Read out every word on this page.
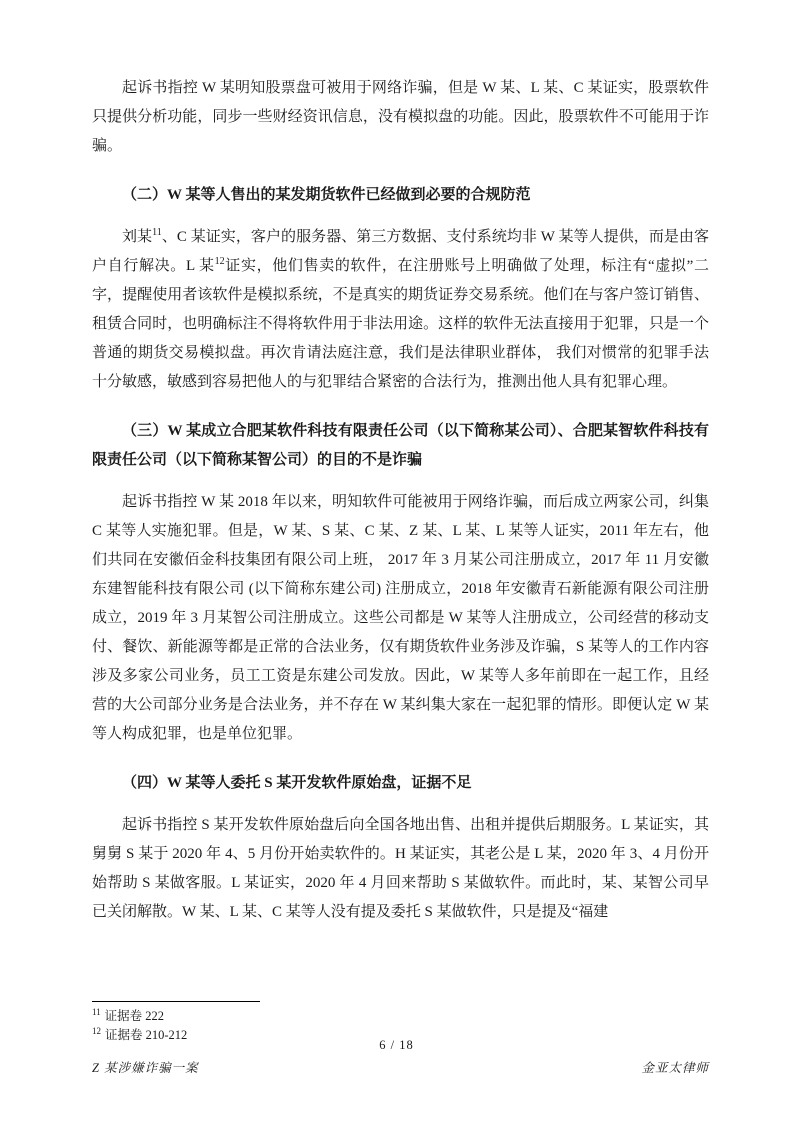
起诉书指控 W 某明知股票盘可被用于网络诈骗，但是 W 某、L 某、C 某证实，股票软件只提供分析功能，同步一些财经资讯信息，没有模拟盘的功能。因此，股票软件不可能用于诈骗。

（二）W 某等人售出的某发期货软件已经做到必要的合规防范

刘某$^{11}$、C 某证实，客户的服务器、第三方数据、支付系统均非 W 某等人提供，而是由客户自行解决。L 某$^{12}$证实，他们售卖的软件，在注册账号上明确做了处理，标注有“虚拟”二字，提醒使用者该软件是模拟系统，不是真实的期货证券交易系统。他们在与客户签订销售、租赁合同时，也明确标注不得将软件用于非法用途。这样的软件无法直接用于犯罪，只是一个普通的期货交易模拟盘。再次肯请法庭注意，我们是法律职业群体， 我们对惯常的犯罪手法十分敏感，敏感到容易把他人的与犯罪结合紧密的合法行为，推测出他人具有犯罪心理。

（三）W 某成立合肥某软件科技有限责任公司（以下简称某公司）、合肥某智软件科技有限责任公司（以下简称某智公司）的目的不是诈骗

起诉书指控 W 某 2018 年以来，明知软件可能被用于网络诈骗，而后成立两家公司，纠集 C 某等人实施犯罪。但是，W 某、S 某、C 某、Z 某、L 某、L 某等人证实，2011 年左右，他们共同在安徽佰金科技集团有限公司上班， 2017 年 3 月某公司注册成立，2017 年 11 月安徽东建智能科技有限公司 (以下简称东建公司) 注册成立，2018 年安徽青石新能源有限公司注册成立，2019 年 3 月某智公司注册成立。这些公司都是 W 某等人注册成立，公司经营的移动支付、餐饮、新能源等都是正常的合法业务，仅有期货软件业务涉及诈骗，S 某等人的工作内容涉及多家公司业务，员工工资是东建公司发放。因此，W 某等人多年前即在一起工作，且经营的大公司部分业务是合法业务，并不存在 W 某纠集大家在一起犯罪的情形。即便认定 W 某等人构成犯罪，也是单位犯罪。

（四）W 某等人委托 S 某开发软件原始盘，证据不足

起诉书指控 S 某开发软件原始盘后向全国各地出售、出租并提供后期服务。L 某证实，其舅舅 S 某于 2020 年 4、5 月份开始卖软件的。H 某证实，其老公是 L 某，2020 年 3、4 月份开始帮助 S 某做客服。L 某证实，2020 年 4 月回来帮助 S 某做软件。而此时，某、某智公司早已关闭解散。W 某、L 某、C 某等人没有提及委托 S 某做软件，只是提及“福建

$^{11}$ 证据卷 222

$^{12}$ 证据卷 210-212

6 / 18
Z 某涉嫌诈骗一案	金亚太律师
